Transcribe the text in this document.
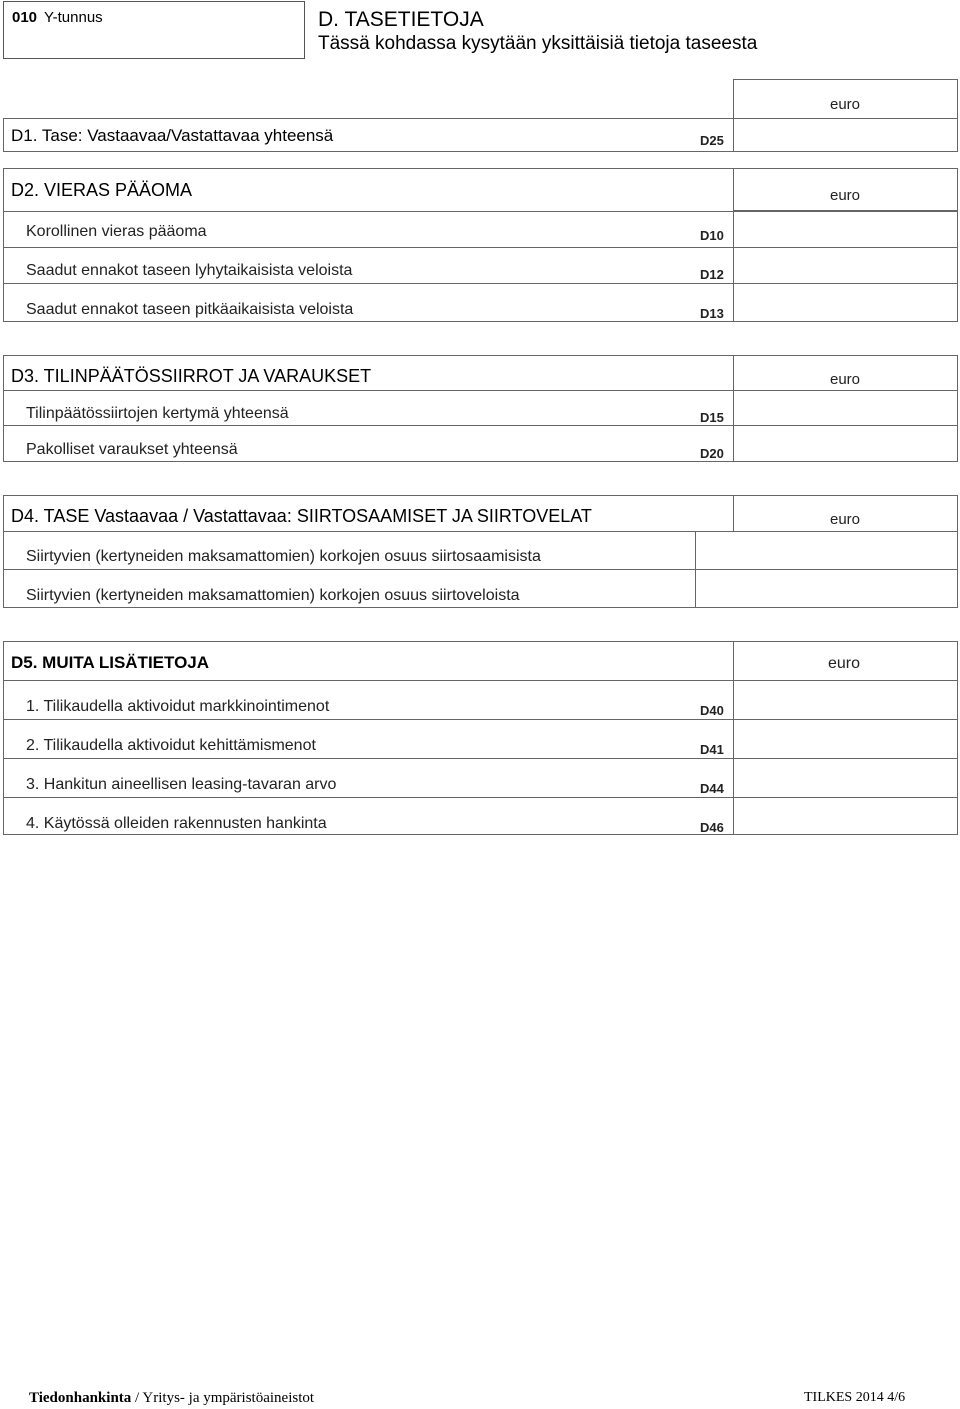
010 Y-tunnus	D. TASETIETOJA
Tässä kohdassa kysytään yksittäisiä tietoja taseesta
euro
D1. Tase: Vastaavaa/Vastattavaa yhteensä	D25
D2. VIERAS PÄÄOMA	euro
Korollinen vieras pääoma	D10
Saadut ennakot taseen lyhytaikaisista veloista	D12
Saadut ennakot taseen pitkäaikaisista veloista	D13
D3. TILINPÄÄTÖSSIIRROT JA VARAUKSET	euro
Tilinpäätössiirtojen kertymä yhteensä	D15
Pakolliset varaukset yhteensä	D20
D4. TASE Vastaavaa / Vastattavaa: SIIRTOSAAMISET JA SIIRTOVELAT	euro
Siirtyvien (kertyneiden maksamattomien) korkojen osuus siirtosaamisista
Siirtyvien (kertyneiden maksamattomien) korkojen osuus siirtoveloista
D5. MUITA LISÄTIETOJA	euro
1. Tilikaudella aktivoidut markkinointimenot	D40
2. Tilikaudella aktivoidut kehittämismenot	D41
3. Hankitun aineellisen leasing-tavaran arvo	D44
4. Käytössä olleiden rakennusten hankinta	D46
Tiedonhankinta / Yritys- ja ympäristöaineistot	TILKES 2014 4/6
